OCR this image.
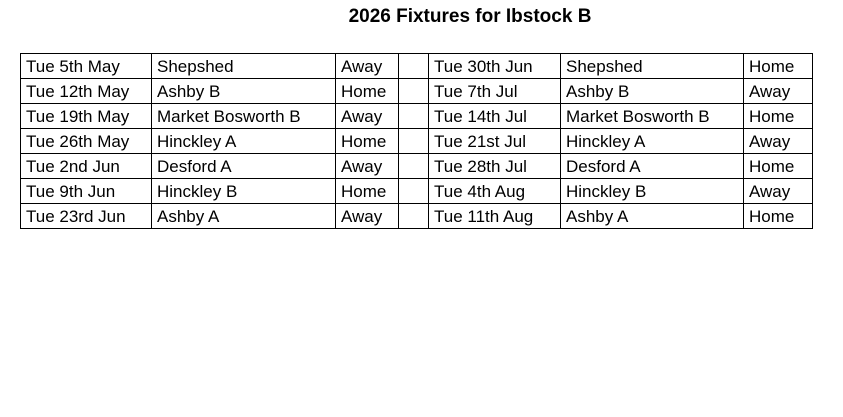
2026 Fixtures for Ibstock B
Tue 5th May	Shepshed	Away		Tue 30th Jun	Shepshed	Home
Tue 12th May	Ashby B	Home		Tue 7th Jul	Ashby B	Away
Tue 19th May	Market Bosworth B	Away		Tue 14th Jul	Market Bosworth B	Home
Tue 26th May	Hinckley A	Home		Tue 21st Jul	Hinckley A	Away
Tue 2nd Jun	Desford A	Away		Tue 28th Jul	Desford A	Home
Tue 9th Jun	Hinckley B	Home		Tue 4th Aug	Hinckley B	Away
Tue 23rd Jun	Ashby A	Away		Tue 11th Aug	Ashby A	Home
